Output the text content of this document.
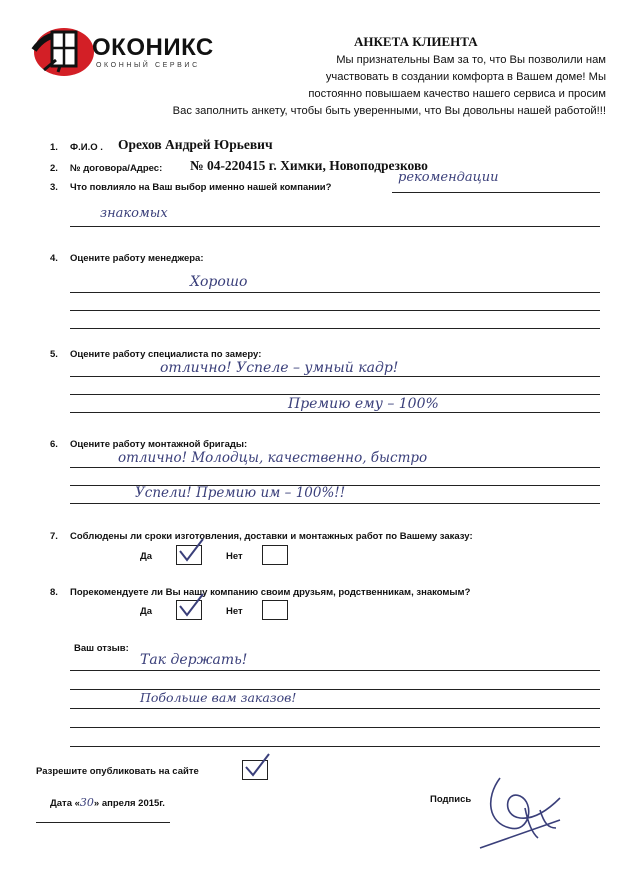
ОКОНИКС
ОКОННЫЙ СЕРВИС
АНКЕТА КЛИЕНТА
Мы признательны Вам за то, что Вы позволили нам
участвовать в создании комфорта в Вашем доме! Мы
постоянно повышаем качество нашего сервиса и просим
Вас заполнить анкету, чтобы быть уверенными, что Вы довольны нашей работой!!!
1. Ф.И.О . Орехов Андрей Юрьевич
2. № договора/Адрес: № 04-220415 г. Химки, Новоподрезково
3. Что повлияло на Ваш выбор именно нашей компании?
рекомендации
знакомых
4. Оцените работу менеджера:
Хорошо
5. Оцените работу специалиста по замеру:
отлично! Успеле – умный кадр!
Премию ему – 100%
6. Оцените работу монтажной бригады:
отлично! Молодцы, качественно, быстро
Успели! Премию им – 100%!!
7. Соблюдены ли сроки изготовления, доставки и монтажных работ по Вашему заказу:
Да	Нет
8. Порекомендуете ли Вы нашу компанию своим друзьям, родственникам, знакомым?
Да	Нет
Ваш отзыв:
Так держать!
Побольше вам заказов!
Разрешите опубликовать на сайте
Дата «30» апреля 2015г.	Подпись
